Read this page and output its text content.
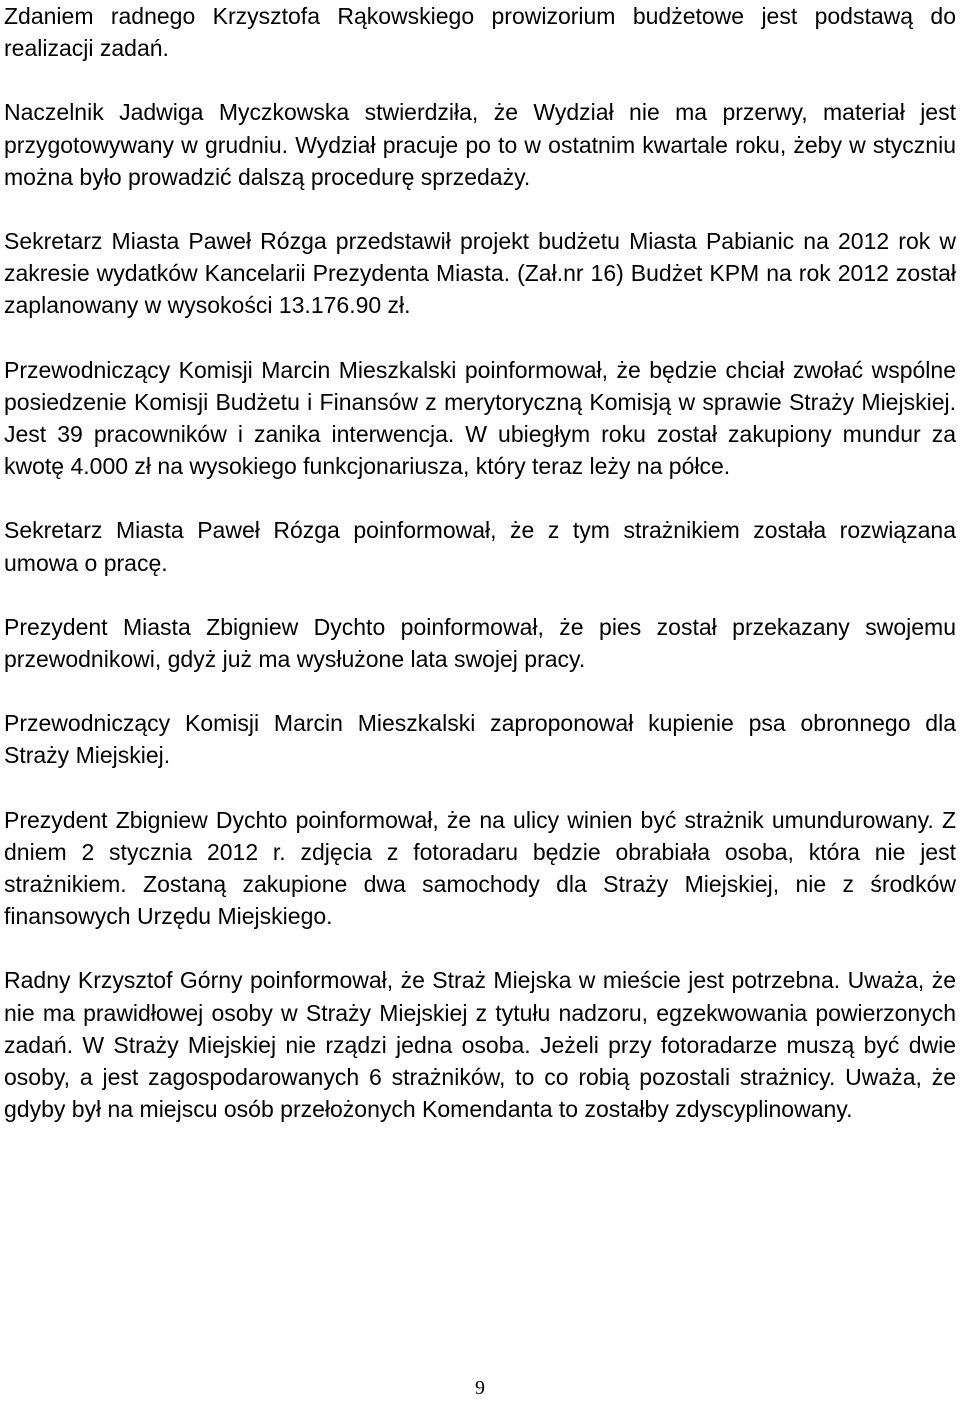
Zdaniem radnego Krzysztofa Rąkowskiego prowizorium budżetowe jest podstawą do realizacji zadań.

Naczelnik Jadwiga Myczkowska stwierdziła, że Wydział nie ma przerwy, materiał jest przygotowywany w grudniu. Wydział pracuje po to w ostatnim kwartale roku, żeby w styczniu można było prowadzić dalszą procedurę sprzedaży.

Sekretarz Miasta Paweł Rózga przedstawił projekt budżetu Miasta Pabianic na 2012 rok w zakresie wydatków Kancelarii Prezydenta Miasta. (Zał.nr 16) Budżet KPM na rok 2012 został zaplanowany w wysokości 13.176.90 zł.

Przewodniczący Komisji Marcin Mieszkalski poinformował, że będzie chciał zwołać wspólne posiedzenie Komisji Budżetu i Finansów z merytoryczną Komisją w sprawie Straży Miejskiej. Jest 39 pracowników i zanika interwencja. W ubiegłym roku został zakupiony mundur za kwotę 4.000 zł na wysokiego funkcjonariusza, który teraz leży na półce.

Sekretarz Miasta Paweł Rózga poinformował, że z tym strażnikiem została rozwiązana umowa o pracę.

Prezydent Miasta Zbigniew Dychto poinformował, że pies został przekazany swojemu przewodnikowi, gdyż już ma wysłużone lata swojej pracy.

Przewodniczący Komisji Marcin Mieszkalski zaproponował kupienie psa obronnego dla Straży Miejskiej.

Prezydent Zbigniew Dychto poinformował, że na ulicy winien być strażnik umundurowany. Z dniem 2 stycznia 2012 r. zdjęcia z fotoradaru będzie obrabiała osoba, która nie jest strażnikiem. Zostaną zakupione dwa samochody dla Straży Miejskiej, nie z środków finansowych Urzędu Miejskiego.

Radny Krzysztof Górny poinformował, że Straż Miejska w mieście jest potrzebna. Uważa, że nie ma prawidłowej osoby w Straży Miejskiej z tytułu nadzoru, egzekwowania powierzonych zadań. W Straży Miejskiej nie rządzi jedna osoba. Jeżeli przy fotoradarze muszą być dwie osoby, a jest zagospodarowanych 6 strażników, to co robią pozostali strażnicy. Uważa, że gdyby był na miejscu osób przełożonych Komendanta to zostałby zdyscyplinowany.

9
